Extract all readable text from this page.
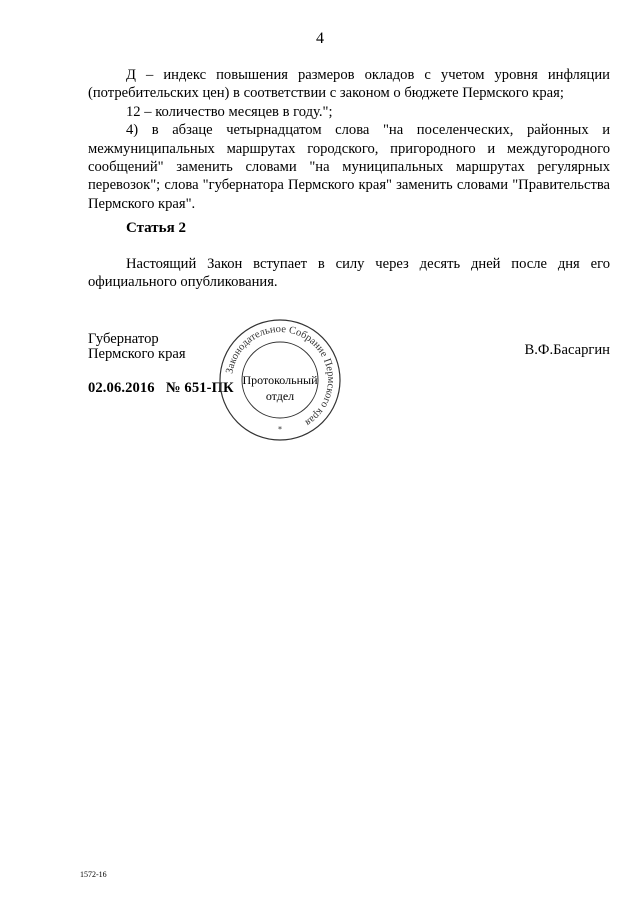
4

Д – индекс повышения размеров окладов с учетом уровня инфляции (потребительских цен) в соответствии с законом о бюджете Пермского края;

12 – количество месяцев в году.";

4) в абзаце четырнадцатом слова "на поселенческих, районных и межмуниципальных маршрутах городского, пригородного и междугородного сообщений" заменить словами "на муниципальных маршрутах регулярных перевозок"; слова "губернатора Пермского края" заменить словами "Правительства Пермского края".

Статья 2

Настоящий Закон вступает в силу через десять дней после дня его официального опубликования.

Губернатор
Пермского края	В.Ф.Басаргин
02.06.2016 № 651-ПК
Законодательное Собрание Пермского края
*
Протокольный
отдел
1572-16
